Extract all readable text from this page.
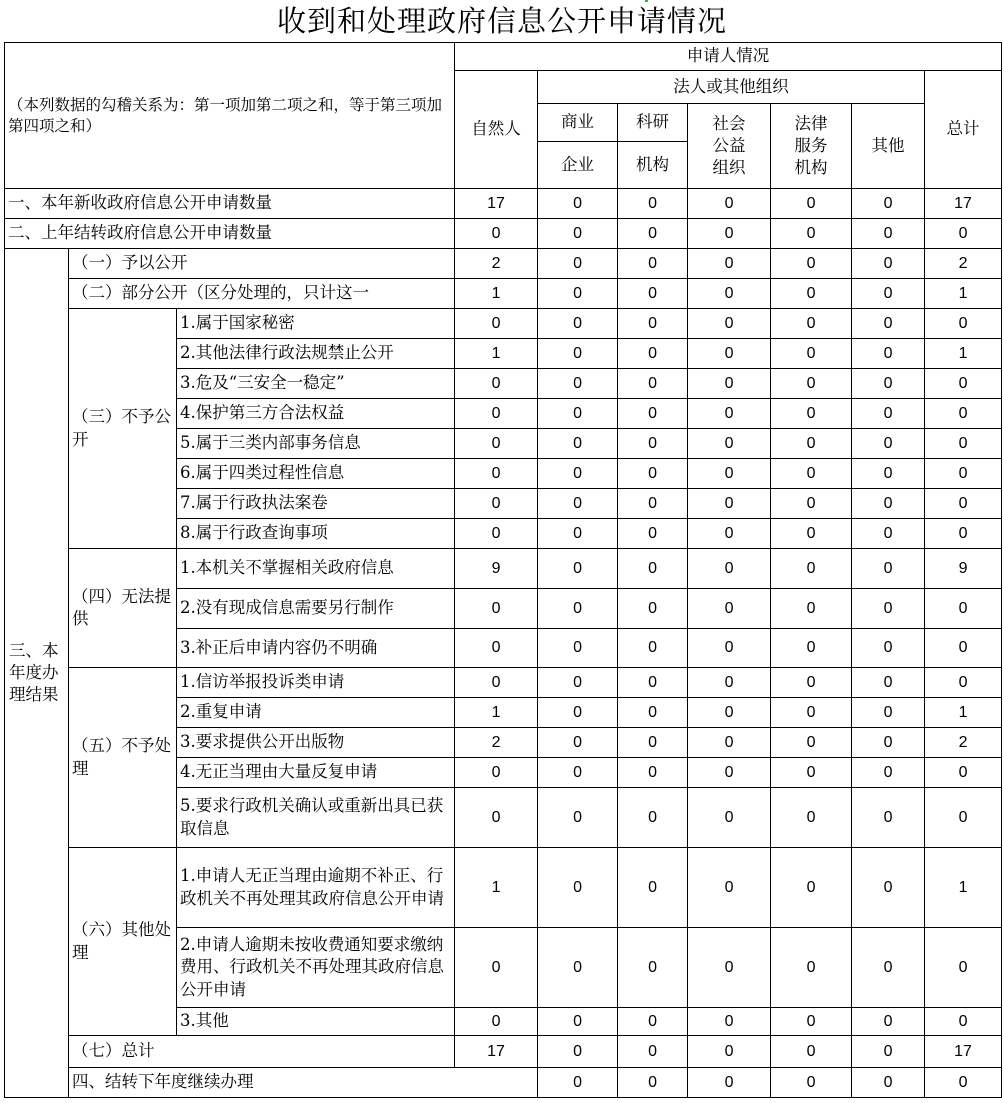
收到和处理政府信息公开申请情况
（本列数据的勾稽关系为：第一项加第二项之和，等于第三项加第四项之和）			申请人情况							
			自然人	法人或其他组织					总计	
				商业	科研	社会公益组织	法律服务机构	其他		
				企业	机构					
一、本年新收政府信息公开申请数量			17	0	0	0	0	0	17	
二、上年结转政府信息公开申请数量			0	0	0	0	0	0	0	
三、本年度办理结果	（一）予以公开		2	0	0	0	0	0	2	
	（二）部分公开（区分处理的，只计这一		1	0	0	0	0	0	1	
	（三）不予公开	1.属于国家秘密	0	0	0	0	0	0	0	
		2.其他法律行政法规禁止公开	1	0	0	0	0	0	1	
		3.危及“三安全一稳定”	0	0	0	0	0	0	0	
		4.保护第三方合法权益	0	0	0	0	0	0	0	
		5.属于三类内部事务信息	0	0	0	0	0	0	0	
		6.属于四类过程性信息	0	0	0	0	0	0	0	
		7.属于行政执法案卷	0	0	0	0	0	0	0	
		8.属于行政查询事项	0	0	0	0	0	0	0	
	（四）无法提供	1.本机关不掌握相关政府信息	9	0	0	0	0	0	9	
		2.没有现成信息需要另行制作	0	0	0	0	0	0	0	
		3.补正后申请内容仍不明确	0	0	0	0	0	0	0	
	（五）不予处理	1.信访举报投诉类申请	0	0	0	0	0	0	0	
		2.重复申请	1	0	0	0	0	0	1	
		3.要求提供公开出版物	2	0	0	0	0	0	2	
		4.无正当理由大量反复申请	0	0	0	0	0	0	0	
		5.要求行政机关确认或重新出具已获取信息	0	0	0	0	0	0	0	
	（六）其他处理	1.申请人无正当理由逾期不补正、行政机关不再处理其政府信息公开申请	1	0	0	0	0	0	1	
		2.申请人逾期未按收费通知要求缴纳费用、行政机关不再处理其政府信息公开申请	0	0	0	0	0	0	0	
		3.其他	0	0	0	0	0	0	0	
	（七）总计		17	0	0	0	0	0	17	
	四、结转下年度继续办理			0	0	0	0	0	0	
